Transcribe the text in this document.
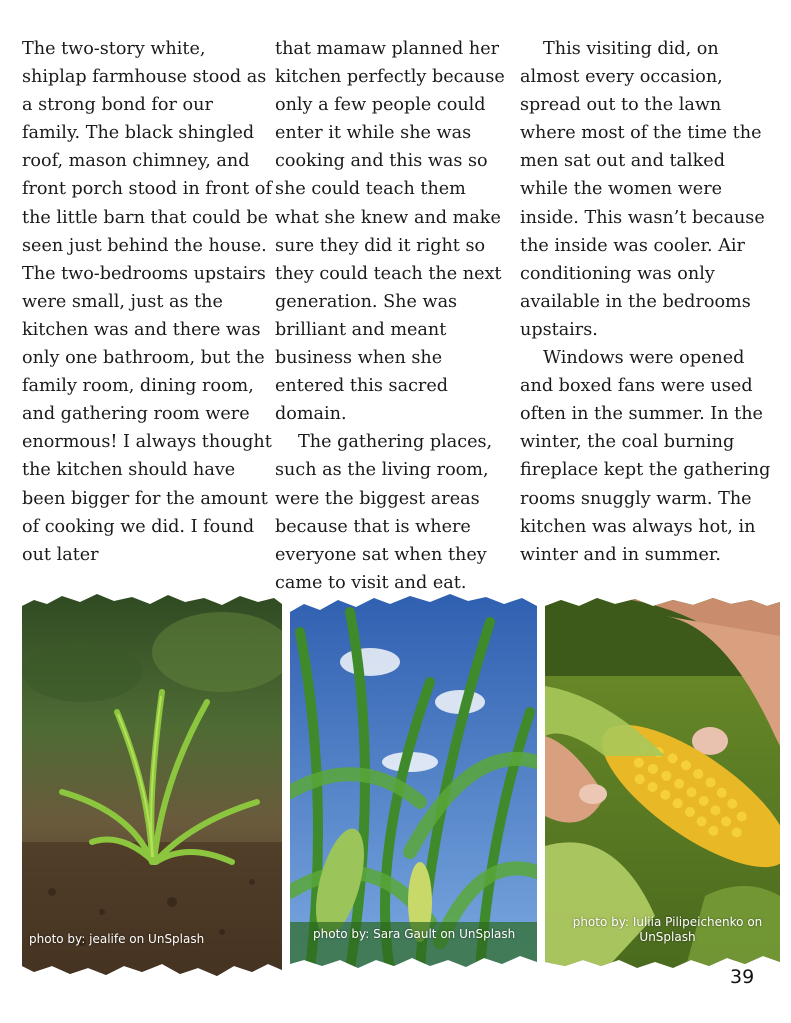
The two-story white, shiplap farmhouse stood as a strong bond for our family. The black shingled roof, mason chimney, and front porch stood in front of the little barn that could be seen just behind the house. The two-bedrooms upstairs were small, just as the kitchen was and there was only one bathroom, but the family room, dining room, and gathering room were enormous! I always thought the kitchen should have been bigger for the amount of cooking we did. I found out later

that mamaw planned her kitchen perfectly because only a few people could enter it while she was cooking and this was so she could teach them what she knew and make sure they did it right so they could teach the next generation. She was brilliant and meant business when she entered this sacred domain.

The gathering places, such as the living room, were the biggest areas because that is where everyone sat when they came to visit and eat.

This visiting did, on almost every occasion, spread out to the lawn where most of the time the men sat out and talked while the women were inside. This wasn’t because the inside was cooler. Air conditioning was only available in the bedrooms upstairs.

Windows were opened and boxed fans were used often in the summer. In the winter, the coal burning fireplace kept the gathering rooms snuggly warm. The kitchen was always hot, in winter and in summer.

photo by: jealife on UnSplash	photo by: Sara Gault on UnSplash
photo by: Iuliia Pilipeichenko on UnSplash
39
